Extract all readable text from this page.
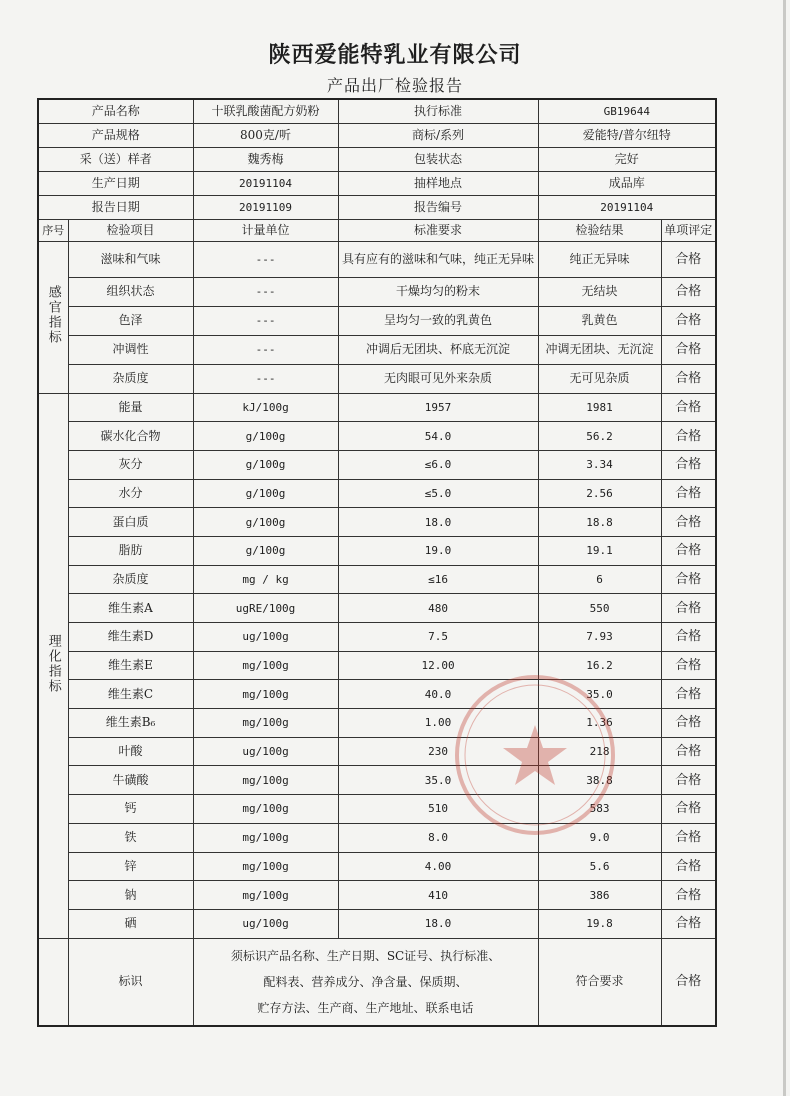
陕西爱能特乳业有限公司
产品出厂检验报告
产品名称		十联乳酸菌配方奶粉	执行标准	GB19644	
产品规格		800克/听	商标/系列	爱能特/普尔纽特	
采（送）样者		魏秀梅	包装状态	完好	
生产日期		20191104	抽样地点	成品库	
报告日期		20191109	报告编号	20191104	
序号	检验项目	计量单位	标准要求	检验结果	单项评定
感官指标	滋味和气味	---	具有应有的滋味和气味，纯正无异味	纯正无异味	合格
	组织状态	---	干燥均匀的粉末	无结块	合格
	色泽	---	呈均匀一致的乳黄色	乳黄色	合格
	冲调性	---	冲调后无团块、杯底无沉淀	冲调无团块、无沉淀	合格
	杂质度	---	无肉眼可见外来杂质	无可见杂质	合格
理化指标	能量	kJ/100g	1957	1981	合格
	碳水化合物	g/100g	54.0	56.2	合格
	灰分	g/100g	≤6.0	3.34	合格
	水分	g/100g	≤5.0	2.56	合格
	蛋白质	g/100g	18.0	18.8	合格
	脂肪	g/100g	19.0	19.1	合格
	杂质度	mg / kg	≤16	6	合格
	维生素A	ugRE/100g	480	550	合格
	维生素D	ug/100g	7.5	7.93	合格
	维生素E	mg/100g	12.00	16.2	合格
	维生素C	mg/100g	40.0	35.0	合格
	维生素B₆	mg/100g	1.00	1.36	合格
	叶酸	ug/100g	230	218	合格
	牛磺酸	mg/100g	35.0	38.8	合格
	钙	mg/100g	510	583	合格
	铁	mg/100g	8.0	9.0	合格
	锌	mg/100g	4.00	5.6	合格
	钠	mg/100g	410	386	合格
	硒	ug/100g	18.0	19.8	合格
	标识	须标识产品名称、生产日期、SC证号、执行标准、
配料表、营养成分、净含量、保质期、
贮存方法、生产商、生产地址、联系电话		符合要求	合格
